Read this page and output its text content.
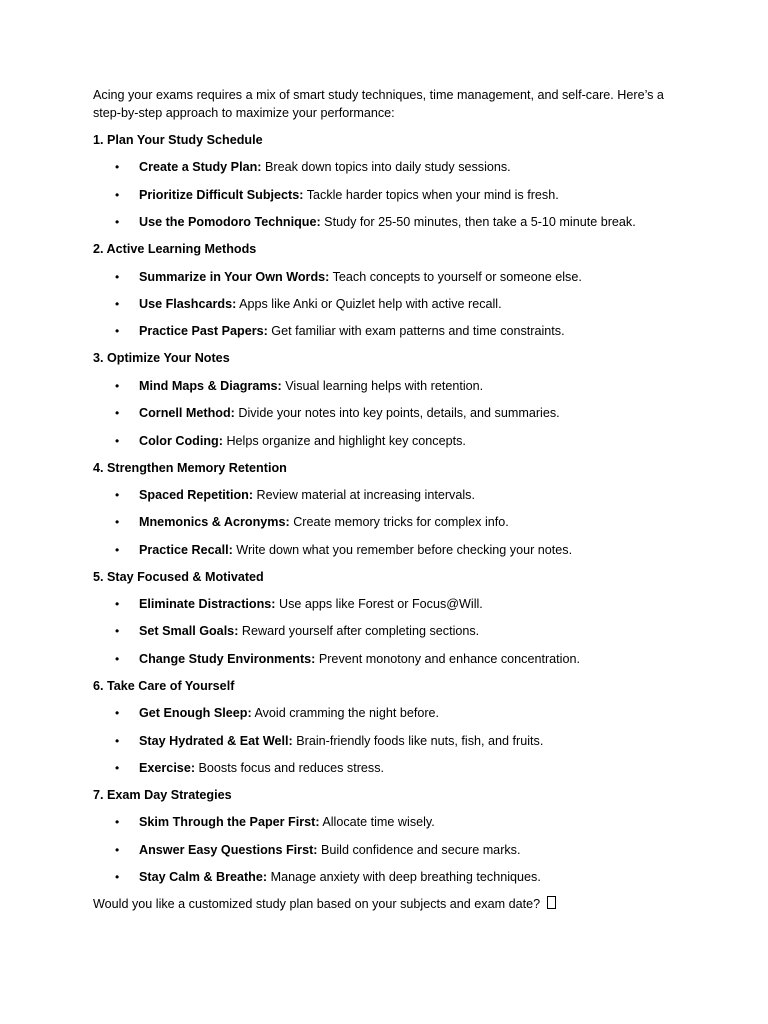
Acing your exams requires a mix of smart study techniques, time management, and self-care. Here’s a step-by-step approach to maximize your performance:

1. Plan Your Study Schedule

• Create a Study Plan: Break down topics into daily study sessions.
• Prioritize Difficult Subjects: Tackle harder topics when your mind is fresh.
• Use the Pomodoro Technique: Study for 25-50 minutes, then take a 5-10 minute break.

2. Active Learning Methods

• Summarize in Your Own Words: Teach concepts to yourself or someone else.
• Use Flashcards: Apps like Anki or Quizlet help with active recall.
• Practice Past Papers: Get familiar with exam patterns and time constraints.

3. Optimize Your Notes

• Mind Maps & Diagrams: Visual learning helps with retention.
• Cornell Method: Divide your notes into key points, details, and summaries.
• Color Coding: Helps organize and highlight key concepts.

4. Strengthen Memory Retention

• Spaced Repetition: Review material at increasing intervals.
• Mnemonics & Acronyms: Create memory tricks for complex info.
• Practice Recall: Write down what you remember before checking your notes.

5. Stay Focused & Motivated

• Eliminate Distractions: Use apps like Forest or Focus@Will.
• Set Small Goals: Reward yourself after completing sections.
• Change Study Environments: Prevent monotony and enhance concentration.

6. Take Care of Yourself

• Get Enough Sleep: Avoid cramming the night before.
• Stay Hydrated & Eat Well: Brain-friendly foods like nuts, fish, and fruits.
• Exercise: Boosts focus and reduces stress.

7. Exam Day Strategies

• Skim Through the Paper First: Allocate time wisely.
• Answer Easy Questions First: Build confidence and secure marks.
• Stay Calm & Breathe: Manage anxiety with deep breathing techniques.

Would you like a customized study plan based on your subjects and exam date?
